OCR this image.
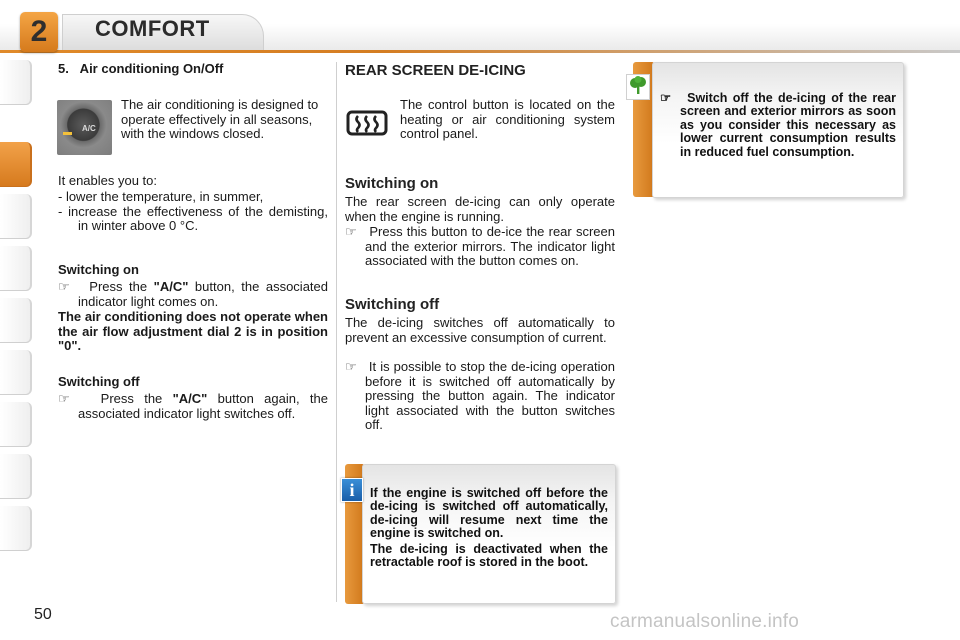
2	COMFORT
5.   Air conditioning On/Off
A/C
The air conditioning is designed to operate effectively in all seasons, with the windows closed.
It enables you to:

- lower the temperature, in summer,

- increase the effectiveness of the demisting, in winter above 0 °C.

Switching on

☞ Press the "A/C" button, the associated indicator light comes on.

The air conditioning does not operate when the air flow adjustment dial 2 is in position "0".
Switching off

☞ Press the "A/C" button again, the associated indicator light switches off.

REAR SCREEN DE-ICING
The control button is located on the heating or air conditioning system control panel.
Switching on
The rear screen de-icing can only operate when the engine is running.

☞ Press this button to de-ice the rear screen and the exterior mirrors. The indicator light associated with the button comes on.

Switching off
The de-icing switches off automatically to prevent an excessive consumption of current.

☞ It is possible to stop the de-icing operation before it is switched off automatically by pressing the button again. The indicator light associated with the button switches off.

i	If the engine is switched off before the de-icing is switched off automatically, de-icing will resume next time the engine is switched on.
The de-icing is deactivated when the retractable roof is stored in the boot.

☞ Switch off the de-icing of the rear screen and exterior mirrors as soon as you consider this necessary as lower current consumption results in reduced fuel consumption.

50	carmanualsonline.info
